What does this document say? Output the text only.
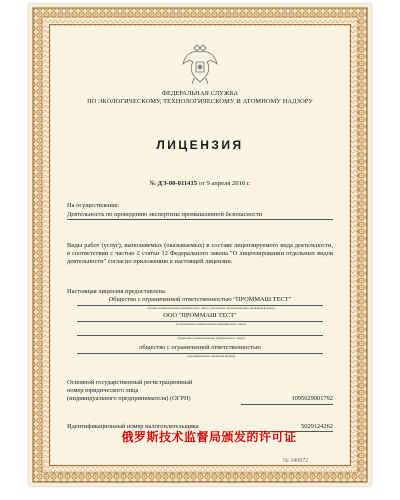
ФЕДЕРАЛЬНАЯ СЛУЖБА
ПО ЭКОЛОГИЧЕСКОМУ, ТЕХНОЛОГИЧЕСКОМУ И АТОМНОМУ НАДЗОРУ
ЛИЦЕНЗИЯ
№ ДЭ-00-011415 от 9 апреля 2010 г.
На осуществление:
Деятельность по проведению экспертизы промышленной безопасности
Виды работ (услуг), выполняемых (оказываемых) в составе лицензируемого вида деятельности, в соответствии с частью 2 статьи 12 Федерального закона "О лицензировании отдельных видов деятельности" согласно приложению к настоящей лицензии.
Настоящая лицензия предоставлена
Общество с ограниченной ответственностью "ПРОММАШ ТЕСТ"
(полное наименование юридического лица с указанием организационно-правовой формы)
ООО "ПРОММАШ ТЕСТ"
(сокращенное наименование юридического лица)
(фирменное наименование юридического лица)
общество с ограниченной ответственностью
(организационно-правовая форма)
Основной государственный регистрационный
номер юридического лица
(индивидуального предпринимателя) (ОГРН)	1095029001792
Идентификационный номер налогоплательщика	5029124262
№ 340872
俄罗斯技术监督局颁发的许可证
